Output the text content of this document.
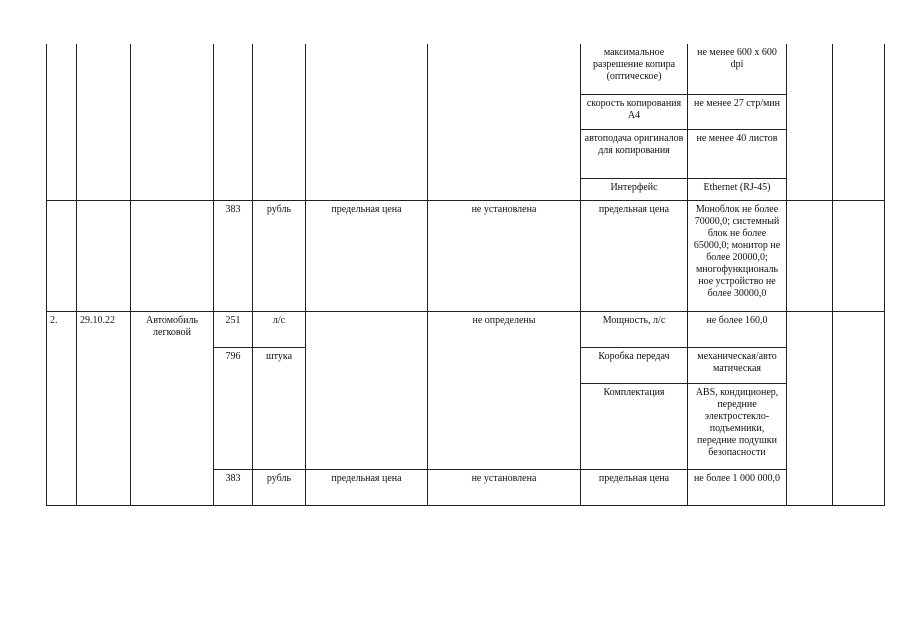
							максимальное разрешение копира (оптическое)	не менее 600 х 600 dpi		
							скорость копирования А4	не менее 27 стр/мин		
							автоподача оригиналов для копирования	не менее 40 листов		
							Интерфейс	Ethernet (RJ-45)		
			383	рубль	предельная цена	не установлена	предельная цена	Моноблок не более 70000,0; системный блок не более 65000,0; монитор не более 20000,0; многофункциональ ное устройство не более 30000,0		
2.	29.10.22	Автомобиль легковой	251	л/с		не определены	Мощность, л/с	не более 160,0		
			796	штука			Коробка передач	механическая/авто матическая		
							Комплектация	ABS, кондиционер, передние электростекло-подъемники, передние подушки безопасности		
			383	рубль	предельная цена	не установлена	предельная цена	не более 1 000 000,0		
